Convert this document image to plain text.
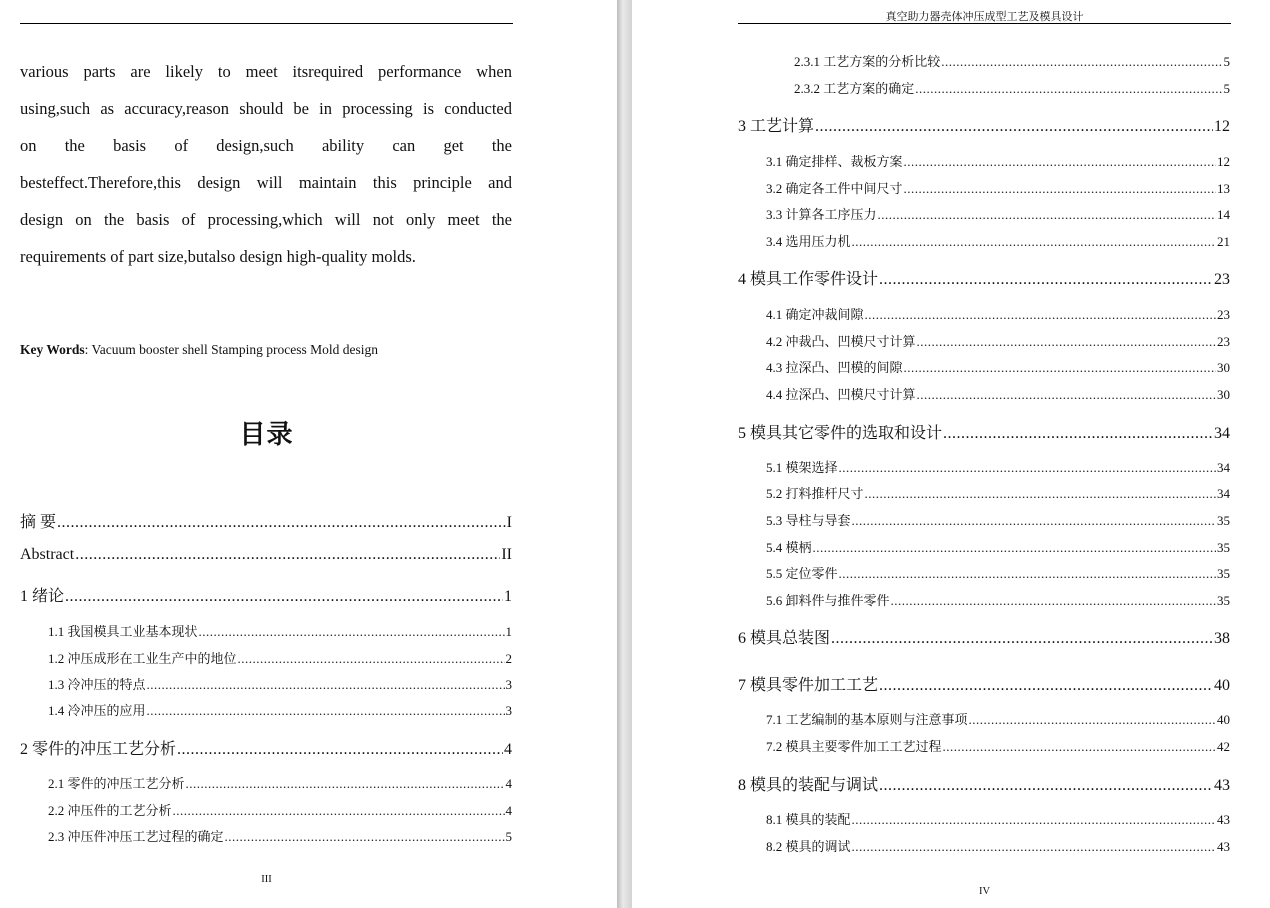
various parts are likely to meet itsrequired performance when
using,such as accuracy,reason should be in processing is conducted
on the basis of design,such ability can get the
besteffect.Therefore,this design will maintain this principle and
design on the basis of processing,which will not only meet the
requirements of part size,butalso design high-quality molds.
Key Words: Vacuum booster shell Stamping process Mold design
目录
摘 要 .....	I
Abstract .....	II
1 绪论 .....	1
1.1 我国模具工业基本现状 .....	1
1.2 冲压成形在工业生产中的地位 .....	2
1.3 冷冲压的特点 .....	3
1.4 冷冲压的应用 .....	3
2 零件的冲压工艺分析 .....	4
2.1 零件的冲压工艺分析 .....	4
2.2 冲压件的工艺分析 .....	4
2.3 冲压件冲压工艺过程的确定 .....	5
III
真空助力器壳体冲压成型工艺及模具设计
2.3.1 工艺方案的分析比较 .....	5
2.3.2 工艺方案的确定 .....	5
3 工艺计算 .....	12
3.1 确定排样、裁板方案 .....	12
3.2 确定各工件中间尺寸 .....	13
3.3 计算各工序压力 .....	14
3.4 选用压力机 .....	21
4 模具工作零件设计 .....	23
4.1 确定冲裁间隙 .....	23
4.2 冲裁凸、凹模尺寸计算 .....	23
4.3 拉深凸、凹模的间隙 .....	30
4.4 拉深凸、凹模尺寸计算 .....	30
5 模具其它零件的选取和设计 .....	34
5.1 模架选择 .....	34
5.2 打料推杆尺寸 .....	34
5.3 导柱与导套 .....	35
5.4 模柄 .....	35
5.5 定位零件 .....	35
5.6 卸料件与推件零件 .....	35
6 模具总装图 .....	38
7 模具零件加工工艺 .....	40
7.1 工艺编制的基本原则与注意事项 .....	40
7.2 模具主要零件加工工艺过程 .....	42
8 模具的装配与调试 .....	43
8.1 模具的装配 .....	43
8.2 模具的调试 .....	43
IV
